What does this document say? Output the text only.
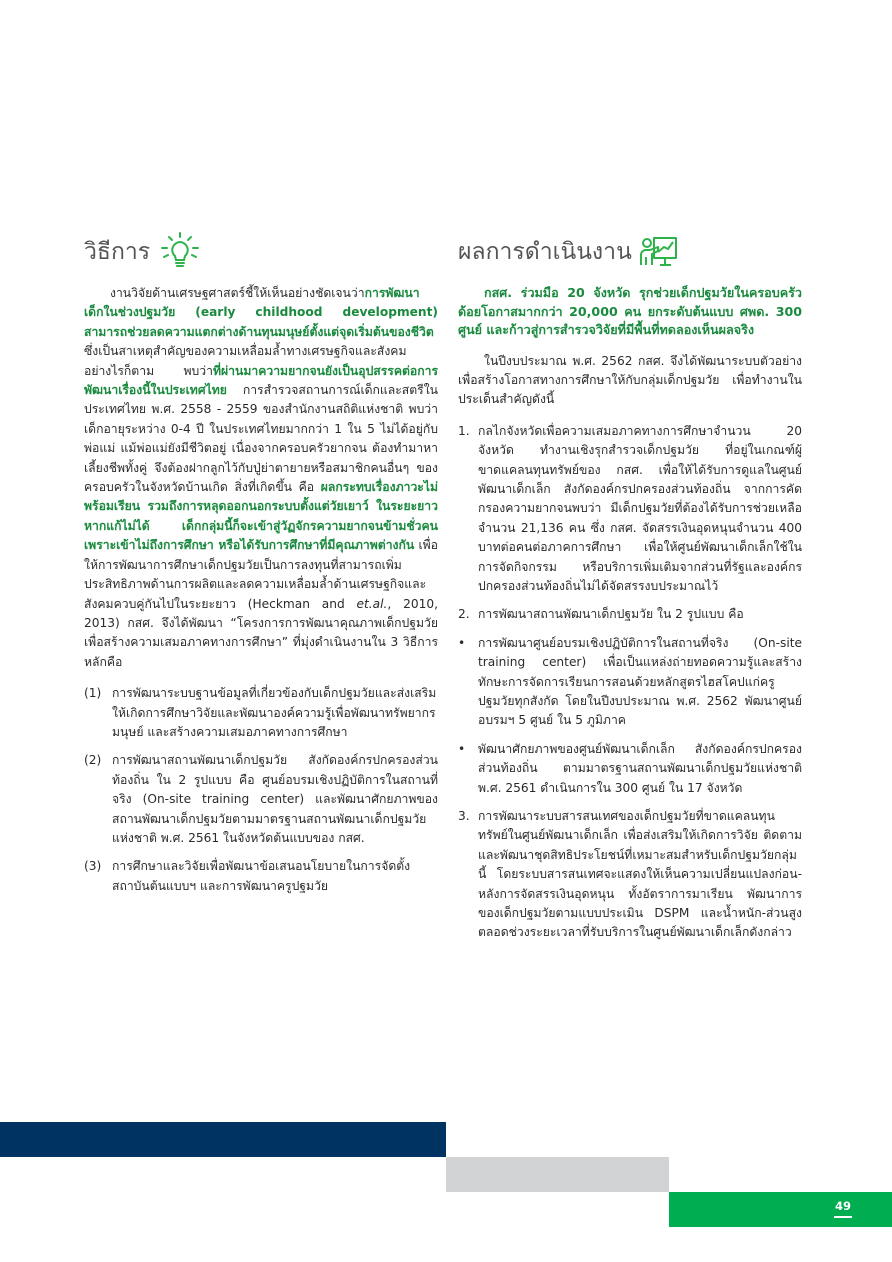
วิธีการ

งานวิจัยด้านเศรษฐศาสตร์ชี้ให้เห็นอย่างชัดเจนว่าการพัฒนาเด็กในช่วงปฐมวัย (early childhood development) สามารถช่วยลดความแตกต่างด้านทุนมนุษย์ตั้งแต่จุดเริ่มต้นของชีวิต ซึ่งเป็นสาเหตุสำคัญของความเหลื่อมล้ำทางเศรษฐกิจและสังคม อย่างไรก็ตาม พบว่าที่ผ่านมาความยากจนยังเป็นอุปสรรคต่อการพัฒนาเรื่องนี้ในประเทศไทย การสำรวจสถานการณ์เด็กและสตรีในประเทศไทย พ.ศ. 2558 - 2559 ของสำนักงานสถิติแห่งชาติ พบว่า เด็กอายุระหว่าง 0-4 ปี ในประเทศไทยมากกว่า 1 ใน 5 ไม่ได้อยู่กับพ่อแม่ แม้พ่อแม่ยังมีชีวิตอยู่ เนื่องจากครอบครัวยากจน ต้องทำมาหาเลี้ยงชีพทั้งคู่ จึงต้องฝากลูกไว้กับปู่ย่าตายายหรือสมาชิกคนอื่นๆ ของครอบครัวในจังหวัดบ้านเกิด สิ่งที่เกิดขึ้น คือ ผลกระทบเรื่องภาวะไม่พร้อมเรียน รวมถึงการหลุดออกนอกระบบตั้งแต่วัยเยาว์ ในระยะยาวหากแก้ไม่ได้ เด็กกลุ่มนี้ก็จะเข้าสู่วัฏจักรความยากจนข้ามชั่วคน เพราะเข้าไม่ถึงการศึกษา หรือได้รับการศึกษาที่มีคุณภาพต่างกัน เพื่อให้การพัฒนาการศึกษาเด็กปฐมวัยเป็นการลงทุนที่สามารถเพิ่มประสิทธิภาพด้านการผลิตและลดความเหลื่อมล้ำด้านเศรษฐกิจและสังคมควบคู่กันไปในระยะยาว (Heckman and et.al., 2010, 2013) กสศ. จึงได้พัฒนา “โครงการการพัฒนาคุณภาพเด็กปฐมวัยเพื่อสร้างความเสมอภาคทางการศึกษา” ที่มุ่งดำเนินงานใน 3 วิธีการหลักคือ

(1) การพัฒนาระบบฐานข้อมูลที่เกี่ยวข้องกับเด็กปฐมวัยและส่งเสริมให้เกิดการศึกษาวิจัยและพัฒนาองค์ความรู้เพื่อพัฒนาทรัพยากรมนุษย์ และสร้างความเสมอภาคทางการศึกษา
(2) การพัฒนาสถานพัฒนาเด็กปฐมวัย สังกัดองค์กรปกครองส่วนท้องถิ่น ใน 2 รูปแบบ คือ ศูนย์อบรมเชิงปฏิบัติการในสถานที่จริง (On-site training center) และพัฒนาศักยภาพของสถานพัฒนาเด็กปฐมวัยตามมาตรฐานสถานพัฒนาเด็กปฐมวัยแห่งชาติ พ.ศ. 2561 ในจังหวัดต้นแบบของ กสศ.
(3) การศึกษาและวิจัยเพื่อพัฒนาข้อเสนอนโยบายในการจัดตั้งสถาบันต้นแบบฯ และการพัฒนาครูปฐมวัย
ผลการดำเนินงาน

กสศ. ร่วมมือ 20 จังหวัด รุกช่วยเด็กปฐมวัยในครอบครัวด้อยโอกาสมากกว่า 20,000 คน ยกระดับต้นแบบ ศพด. 300 ศูนย์ และก้าวสู่การสำรวจวิจัยที่มีพื้นที่ทดลองเห็นผลจริง

ในปีงบประมาณ พ.ศ. 2562 กสศ. จึงได้พัฒนาระบบตัวอย่างเพื่อสร้างโอกาสทางการศึกษาให้กับกลุ่มเด็กปฐมวัย เพื่อทำงานในประเด็นสำคัญดังนี้

1. กลไกจังหวัดเพื่อความเสมอภาคทางการศึกษาจำนวน 20 จังหวัด ทำงานเชิงรุกสำรวจเด็กปฐมวัย ที่อยู่ในเกณฑ์ผู้ขาดแคลนทุนทรัพย์ของ กสศ. เพื่อให้ได้รับการดูแลในศูนย์พัฒนาเด็กเล็ก สังกัดองค์กรปกครองส่วนท้องถิ่น จากการคัดกรองความยากจนพบว่า มีเด็กปฐมวัยที่ต้องได้รับการช่วยเหลือ จำนวน 21,136 คน ซึ่ง กสศ. จัดสรรเงินอุดหนุนจำนวน 400 บาทต่อคนต่อภาคการศึกษา เพื่อให้ศูนย์พัฒนาเด็กเล็กใช้ในการจัดกิจกรรม หรือบริการเพิ่มเติมจากส่วนที่รัฐและองค์กรปกครองส่วนท้องถิ่นไม่ได้จัดสรรงบประมาณไว้
2. การพัฒนาสถานพัฒนาเด็กปฐมวัย ใน 2 รูปแบบ คือ
•	การพัฒนาศูนย์อบรมเชิงปฏิบัติการในสถานที่จริง (On-site training center) เพื่อเป็นแหล่งถ่ายทอดความรู้และสร้างทักษะการจัดการเรียนการสอนด้วยหลักสูตรไฮสโคปแก่ครูปฐมวัยทุกสังกัด โดยในปีงบประมาณ พ.ศ. 2562 พัฒนาศูนย์อบรมฯ 5 ศูนย์ ใน 5 ภูมิภาค
•	พัฒนาศักยภาพของศูนย์พัฒนาเด็กเล็ก สังกัดองค์กรปกครองส่วนท้องถิ่น ตามมาตรฐานสถานพัฒนาเด็กปฐมวัยแห่งชาติ พ.ศ. 2561 ดำเนินการใน 300 ศูนย์ ใน 17 จังหวัด
3. การพัฒนาระบบสารสนเทศของเด็กปฐมวัยที่ขาดแคลนทุนทรัพย์ในศูนย์พัฒนาเด็กเล็ก เพื่อส่งเสริมให้เกิดการวิจัย ติดตาม และพัฒนาชุดสิทธิประโยชน์ที่เหมาะสมสำหรับเด็กปฐมวัยกลุ่มนี้ โดยระบบสารสนเทศจะแสดงให้เห็นความเปลี่ยนแปลงก่อน-หลังการจัดสรรเงินอุดหนุน ทั้งอัตราการมาเรียน พัฒนาการของเด็กปฐมวัยตามแบบประเมิน DSPM และน้ำหนัก-ส่วนสูง ตลอดช่วงระยะเวลาที่รับบริการในศูนย์พัฒนาเด็กเล็กดังกล่าว
49
